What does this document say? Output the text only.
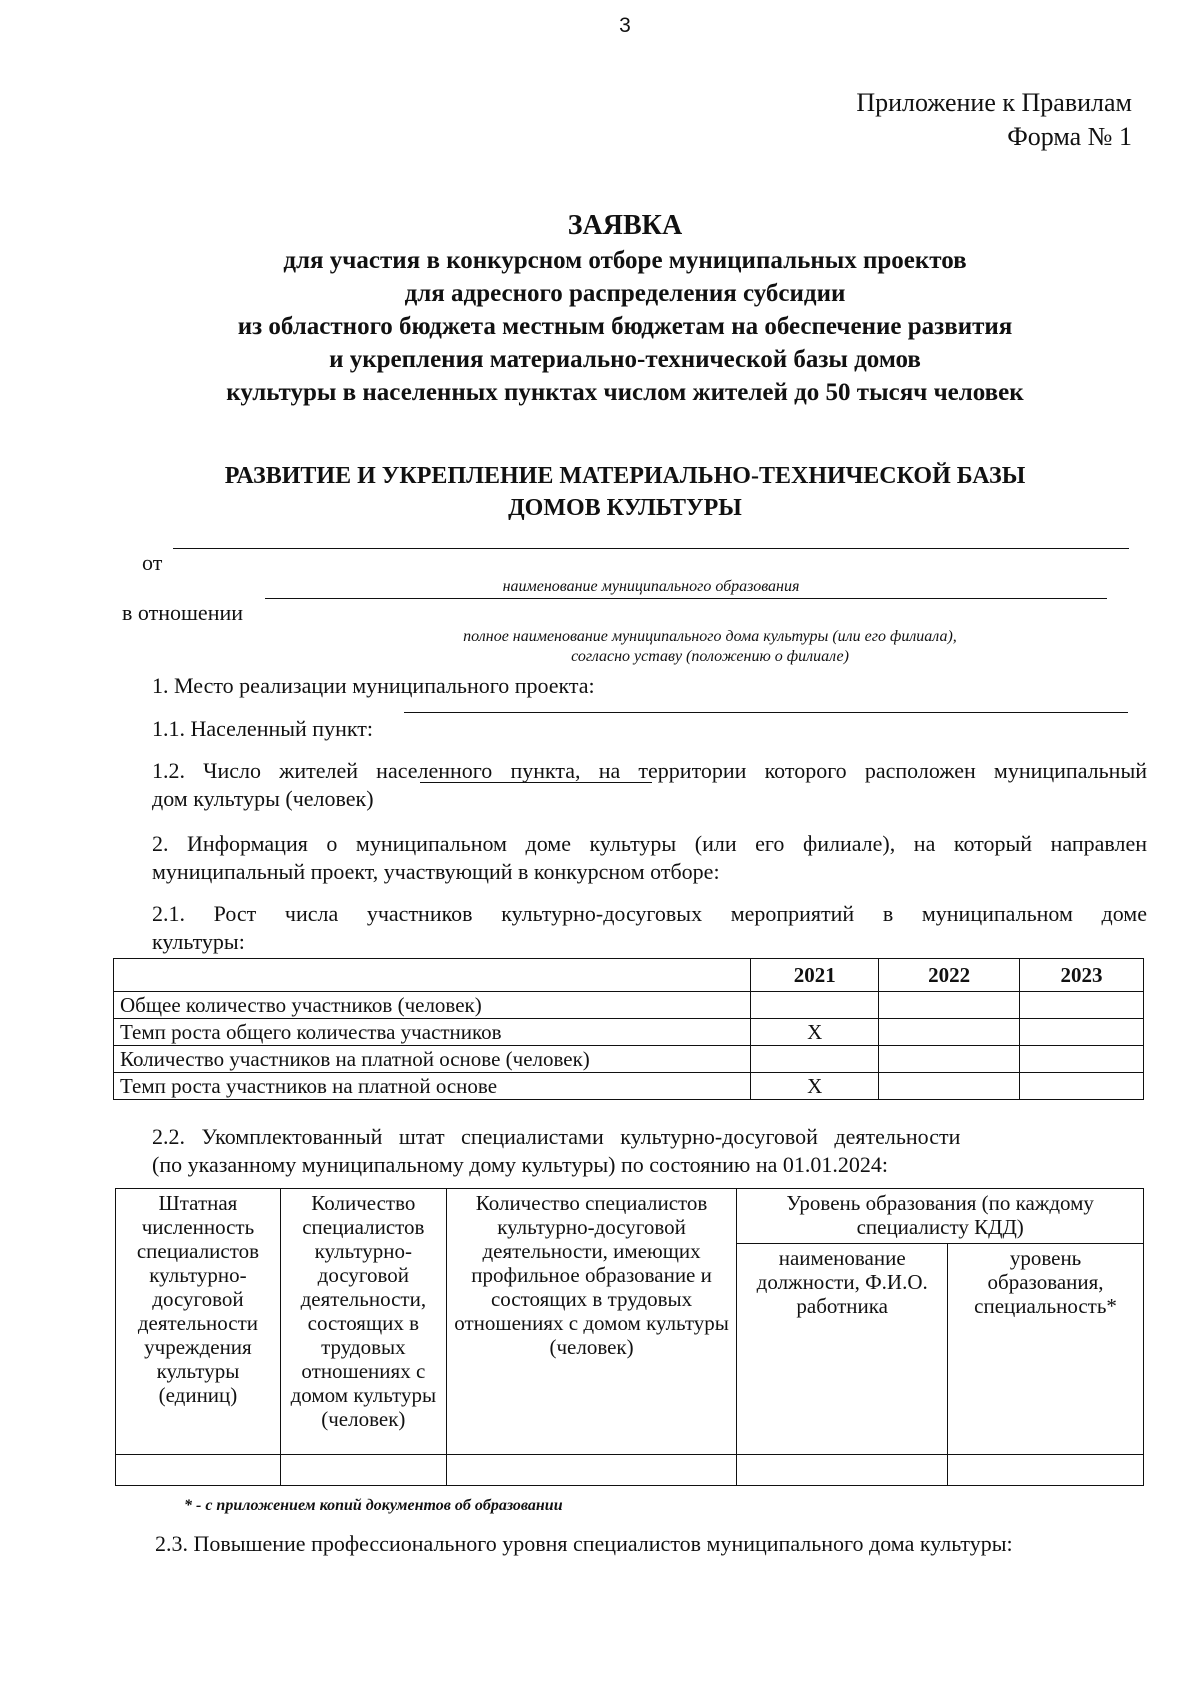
3
Приложение к Правилам
Форма № 1
ЗАЯВКА
для участия в конкурсном отборе муниципальных проектов
для адресного распределения субсидии
из областного бюджета местным бюджетам на обеспечение развития
и укрепления материально-технической базы домов
культуры в населенных пунктах числом жителей до 50 тысяч человек
РАЗВИТИЕ И УКРЕПЛЕНИЕ МАТЕРИАЛЬНО-ТЕХНИЧЕСКОЙ БАЗЫ
ДОМОВ КУЛЬТУРЫ
от
наименование муниципального образования
в отношении
полное наименование муниципального дома культуры (или его филиала),
согласно уставу (положению о филиале)
1. Место реализации муниципального проекта:
1.1. Населенный пункт:
1.2. Число жителей населенного пункта, на территории которого расположен муниципальный
дом культуры (человек)
2. Информация о муниципальном доме культуры (или его филиале), на который направлен
муниципальный проект, участвующий в конкурсном отборе:
2.1. Рост числа участников культурно-досуговых мероприятий в муниципальном доме
культуры:
	2021	2022	2023
Общее количество участников (человек)			
Темп роста общего количества участников	Х		
Количество участников на платной основе (человек)			
Темп роста участников на платной основе	Х		
2.2.   Укомплектованный   штат   специалистами   культурно-досуговой   деятельности
(по указанному муниципальному дому культуры) по состоянию на 01.01.2024:
Штатная численность специалистов культурно-досуговой деятельности учреждения культуры (единиц)	Количество специалистов культурно-досуговой деятельности, состоящих в трудовых отношениях с домом культуры (человек)	Количество специалистов культурно-досуговой деятельности, имеющих профильное образование и состоящих в трудовых отношениях с домом культуры (человек)	Уровень образования (по каждому специалисту КДД)	
			наименование должности, Ф.И.О. работника	уровень образования, специальность*

* - с приложением копий документов об образовании
2.3. Повышение профессионального уровня специалистов муниципального дома культуры:
